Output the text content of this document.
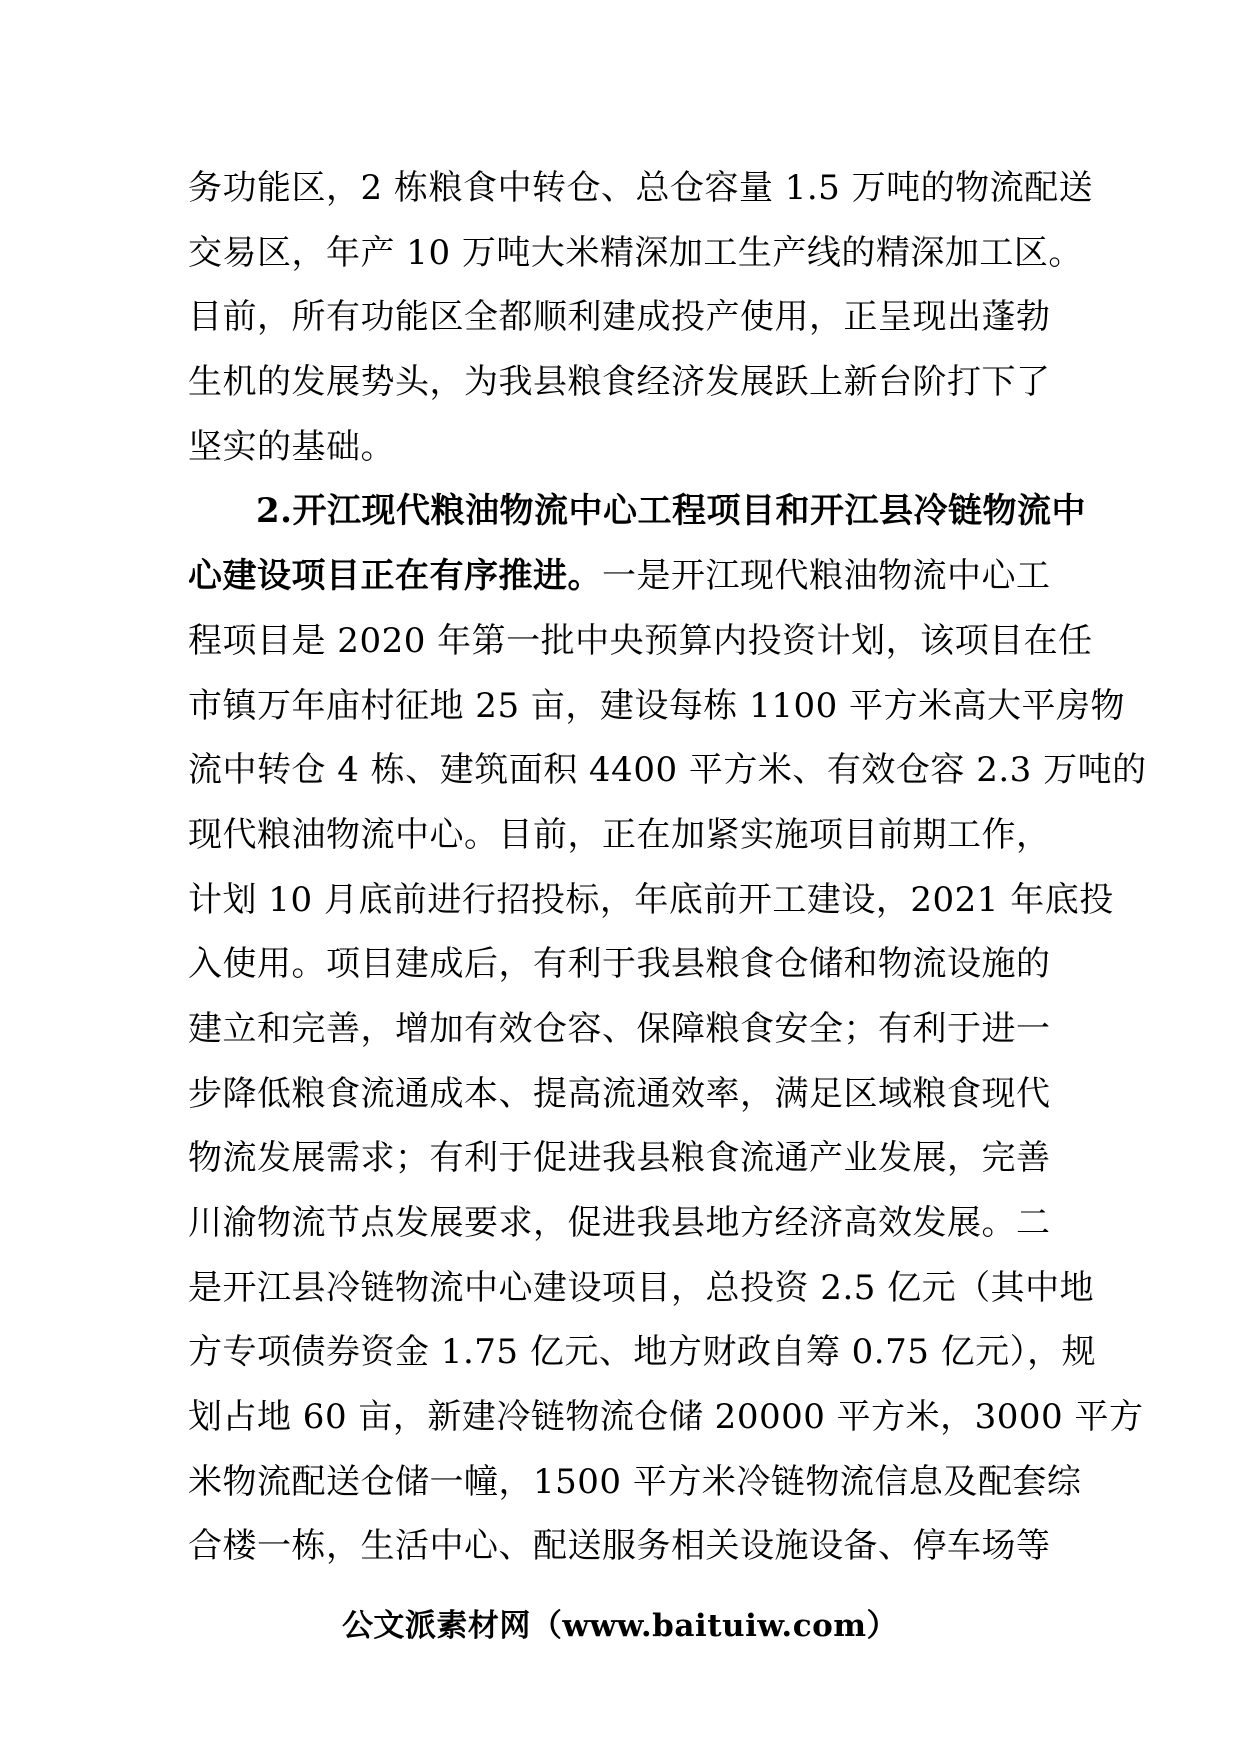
务功能区，2 栋粮食中转仓、总仓容量 1.5 万吨的物流配送
交易区，年产 10 万吨大米精深加工生产线的精深加工区。
目前，所有功能区全都顺利建成投产使用，正呈现出蓬勃
生机的发展势头，为我县粮食经济发展跃上新台阶打下了
坚实的基础。
2.开江现代粮油物流中心工程项目和开江县冷链物流中
心建设项目正在有序推进。一是开江现代粮油物流中心工
程项目是 2020 年第一批中央预算内投资计划，该项目在任
市镇万年庙村征地 25 亩，建设每栋 1100 平方米高大平房物
流中转仓 4 栋、建筑面积 4400 平方米、有效仓容 2.3 万吨的
现代粮油物流中心。目前，正在加紧实施项目前期工作，
计划 10 月底前进行招投标，年底前开工建设，2021 年底投
入使用。项目建成后，有利于我县粮食仓储和物流设施的
建立和完善，增加有效仓容、保障粮食安全；有利于进一
步降低粮食流通成本、提高流通效率，满足区域粮食现代
物流发展需求；有利于促进我县粮食流通产业发展，完善
川渝物流节点发展要求，促进我县地方经济高效发展。二
是开江县冷链物流中心建设项目，总投资 2.5 亿元（其中地
方专项债券资金 1.75 亿元、地方财政自筹 0.75 亿元），规
划占地 60 亩，新建冷链物流仓储 20000 平方米，3000 平方
米物流配送仓储一幢，1500 平方米冷链物流信息及配套综
合楼一栋，生活中心、配送服务相关设施设备、停车场等
公文派素材网（www.baituiw.com）
